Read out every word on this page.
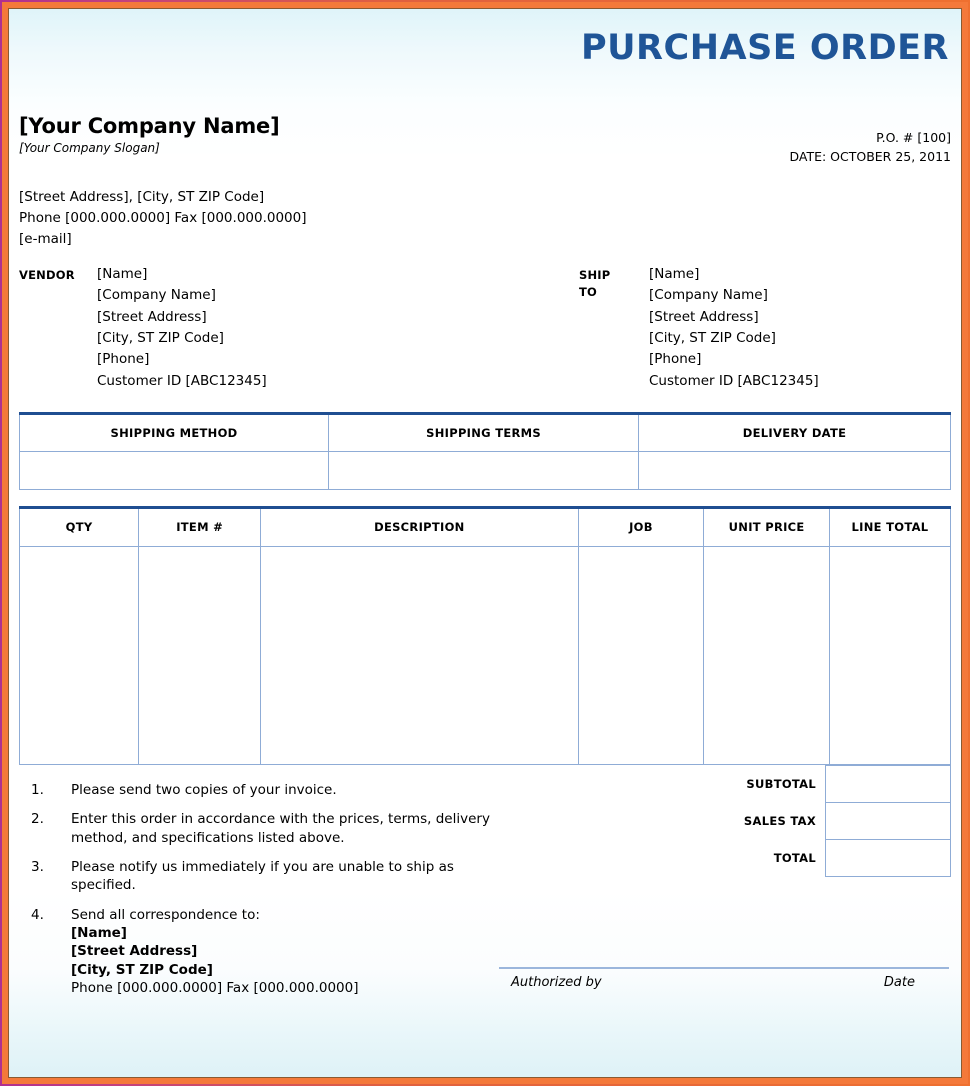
PURCHASE ORDER
[Your Company Name]
[Your Company Slogan]
P.O. # [100]
DATE: OCTOBER 25, 2011
[Street Address], [City, ST ZIP Code]
Phone [000.000.0000] Fax [000.000.0000]
[e-mail]
VENDOR	[Name]
[Company Name]
[Street Address]
[City, ST ZIP Code]
[Phone]
Customer ID [ABC12345]
SHIP
TO
[Name]
[Company Name]
[Street Address]
[City, ST ZIP Code]
[Phone]
Customer ID [ABC12345]
SHIPPING METHOD	SHIPPING TERMS	DELIVERY DATE

QTY	ITEM #	DESCRIPTION	JOB	UNIT PRICE	LINE TOTAL

1.	Please send two copies of your invoice.
2.	Enter this order in accordance with the prices, terms, delivery method, and specifications listed above.
3.	Please notify us immediately if you are unable to ship as specified.
4.	Send all correspondence to:
[Name]
[Street Address]
[City, ST ZIP Code]
Phone [000.000.0000] Fax [000.000.0000]
SUBTOTAL	
SALES TAX	
TOTAL	
Authorized by	Date
